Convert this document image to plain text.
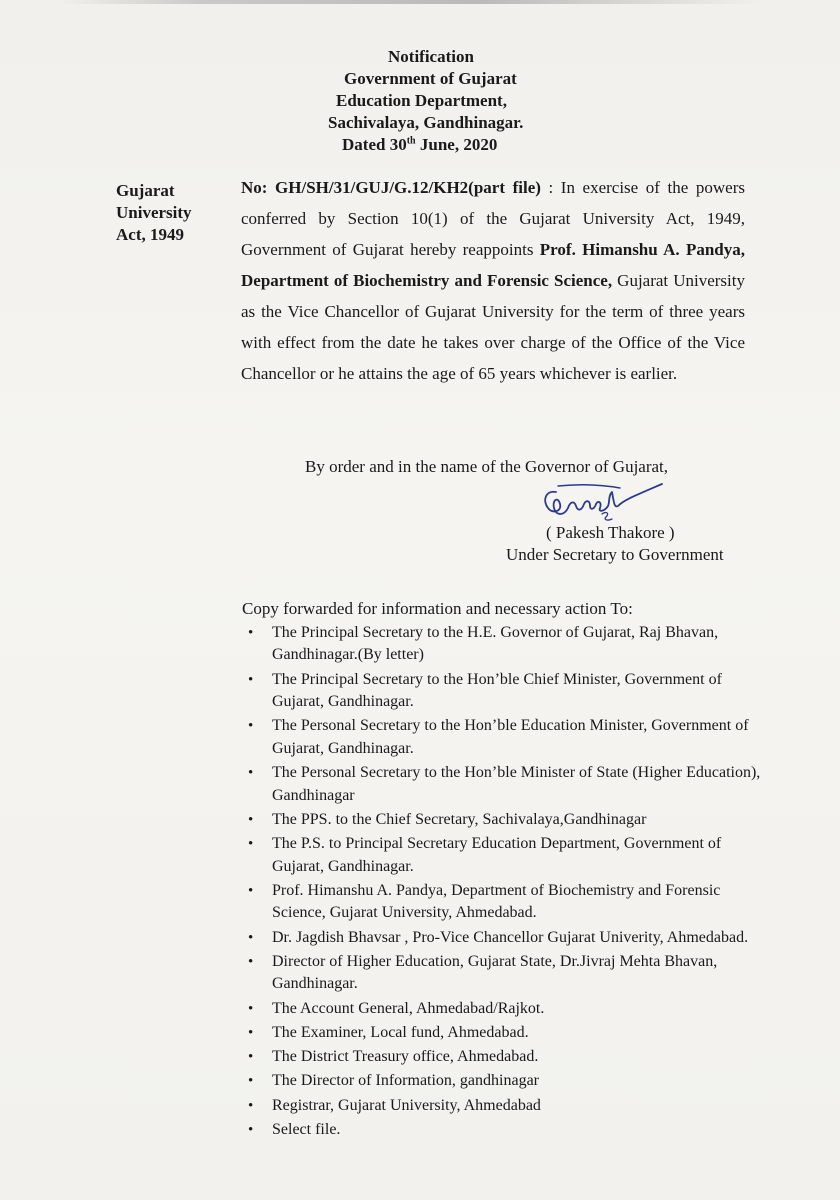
Notification
Government of Gujarat
Education Department,
Sachivalaya, Gandhinagar.
Dated 30th June, 2020
Gujarat
University
Act, 1949
No: GH/SH/31/GUJ/G.12/KH2(part file) : In exercise of the powers conferred by Section 10(1) of the Gujarat University Act, 1949, Government of Gujarat hereby reappoints Prof. Himanshu A. Pandya, Department of Biochemistry and Forensic Science, Gujarat University as the Vice Chancellor of Gujarat University for the term of three years with effect from the date he takes over charge of the Office of the Vice Chancellor or he attains the age of 65 years whichever is earlier.
By order and in the name of the Governor of Gujarat,
( Pakesh Thakore )
Under Secretary to Government
Copy forwarded for information and necessary action To:
• The Principal Secretary to the H.E. Governor of Gujarat, Raj Bhavan, Gandhinagar.(By letter)
• The Principal Secretary to the Hon’ble Chief Minister, Government of Gujarat, Gandhinagar.
• The Personal Secretary to the Hon’ble Education Minister, Government of Gujarat, Gandhinagar.
• The Personal Secretary to the Hon’ble Minister of State (Higher Education), Gandhinagar
• The PPS. to the Chief Secretary, Sachivalaya,Gandhinagar
• The P.S. to Principal Secretary Education Department, Government of Gujarat, Gandhinagar.
• Prof. Himanshu A. Pandya, Department of Biochemistry and Forensic Science, Gujarat University, Ahmedabad.
• Dr. Jagdish Bhavsar , Pro-Vice Chancellor Gujarat Univerity, Ahmedabad.
• Director of Higher Education, Gujarat State, Dr.Jivraj Mehta Bhavan, Gandhinagar.
• The Account General, Ahmedabad/Rajkot.
• The Examiner, Local fund, Ahmedabad.
• The District Treasury office, Ahmedabad.
• The Director of Information, gandhinagar
• Registrar, Gujarat University, Ahmedabad
• Select file.
